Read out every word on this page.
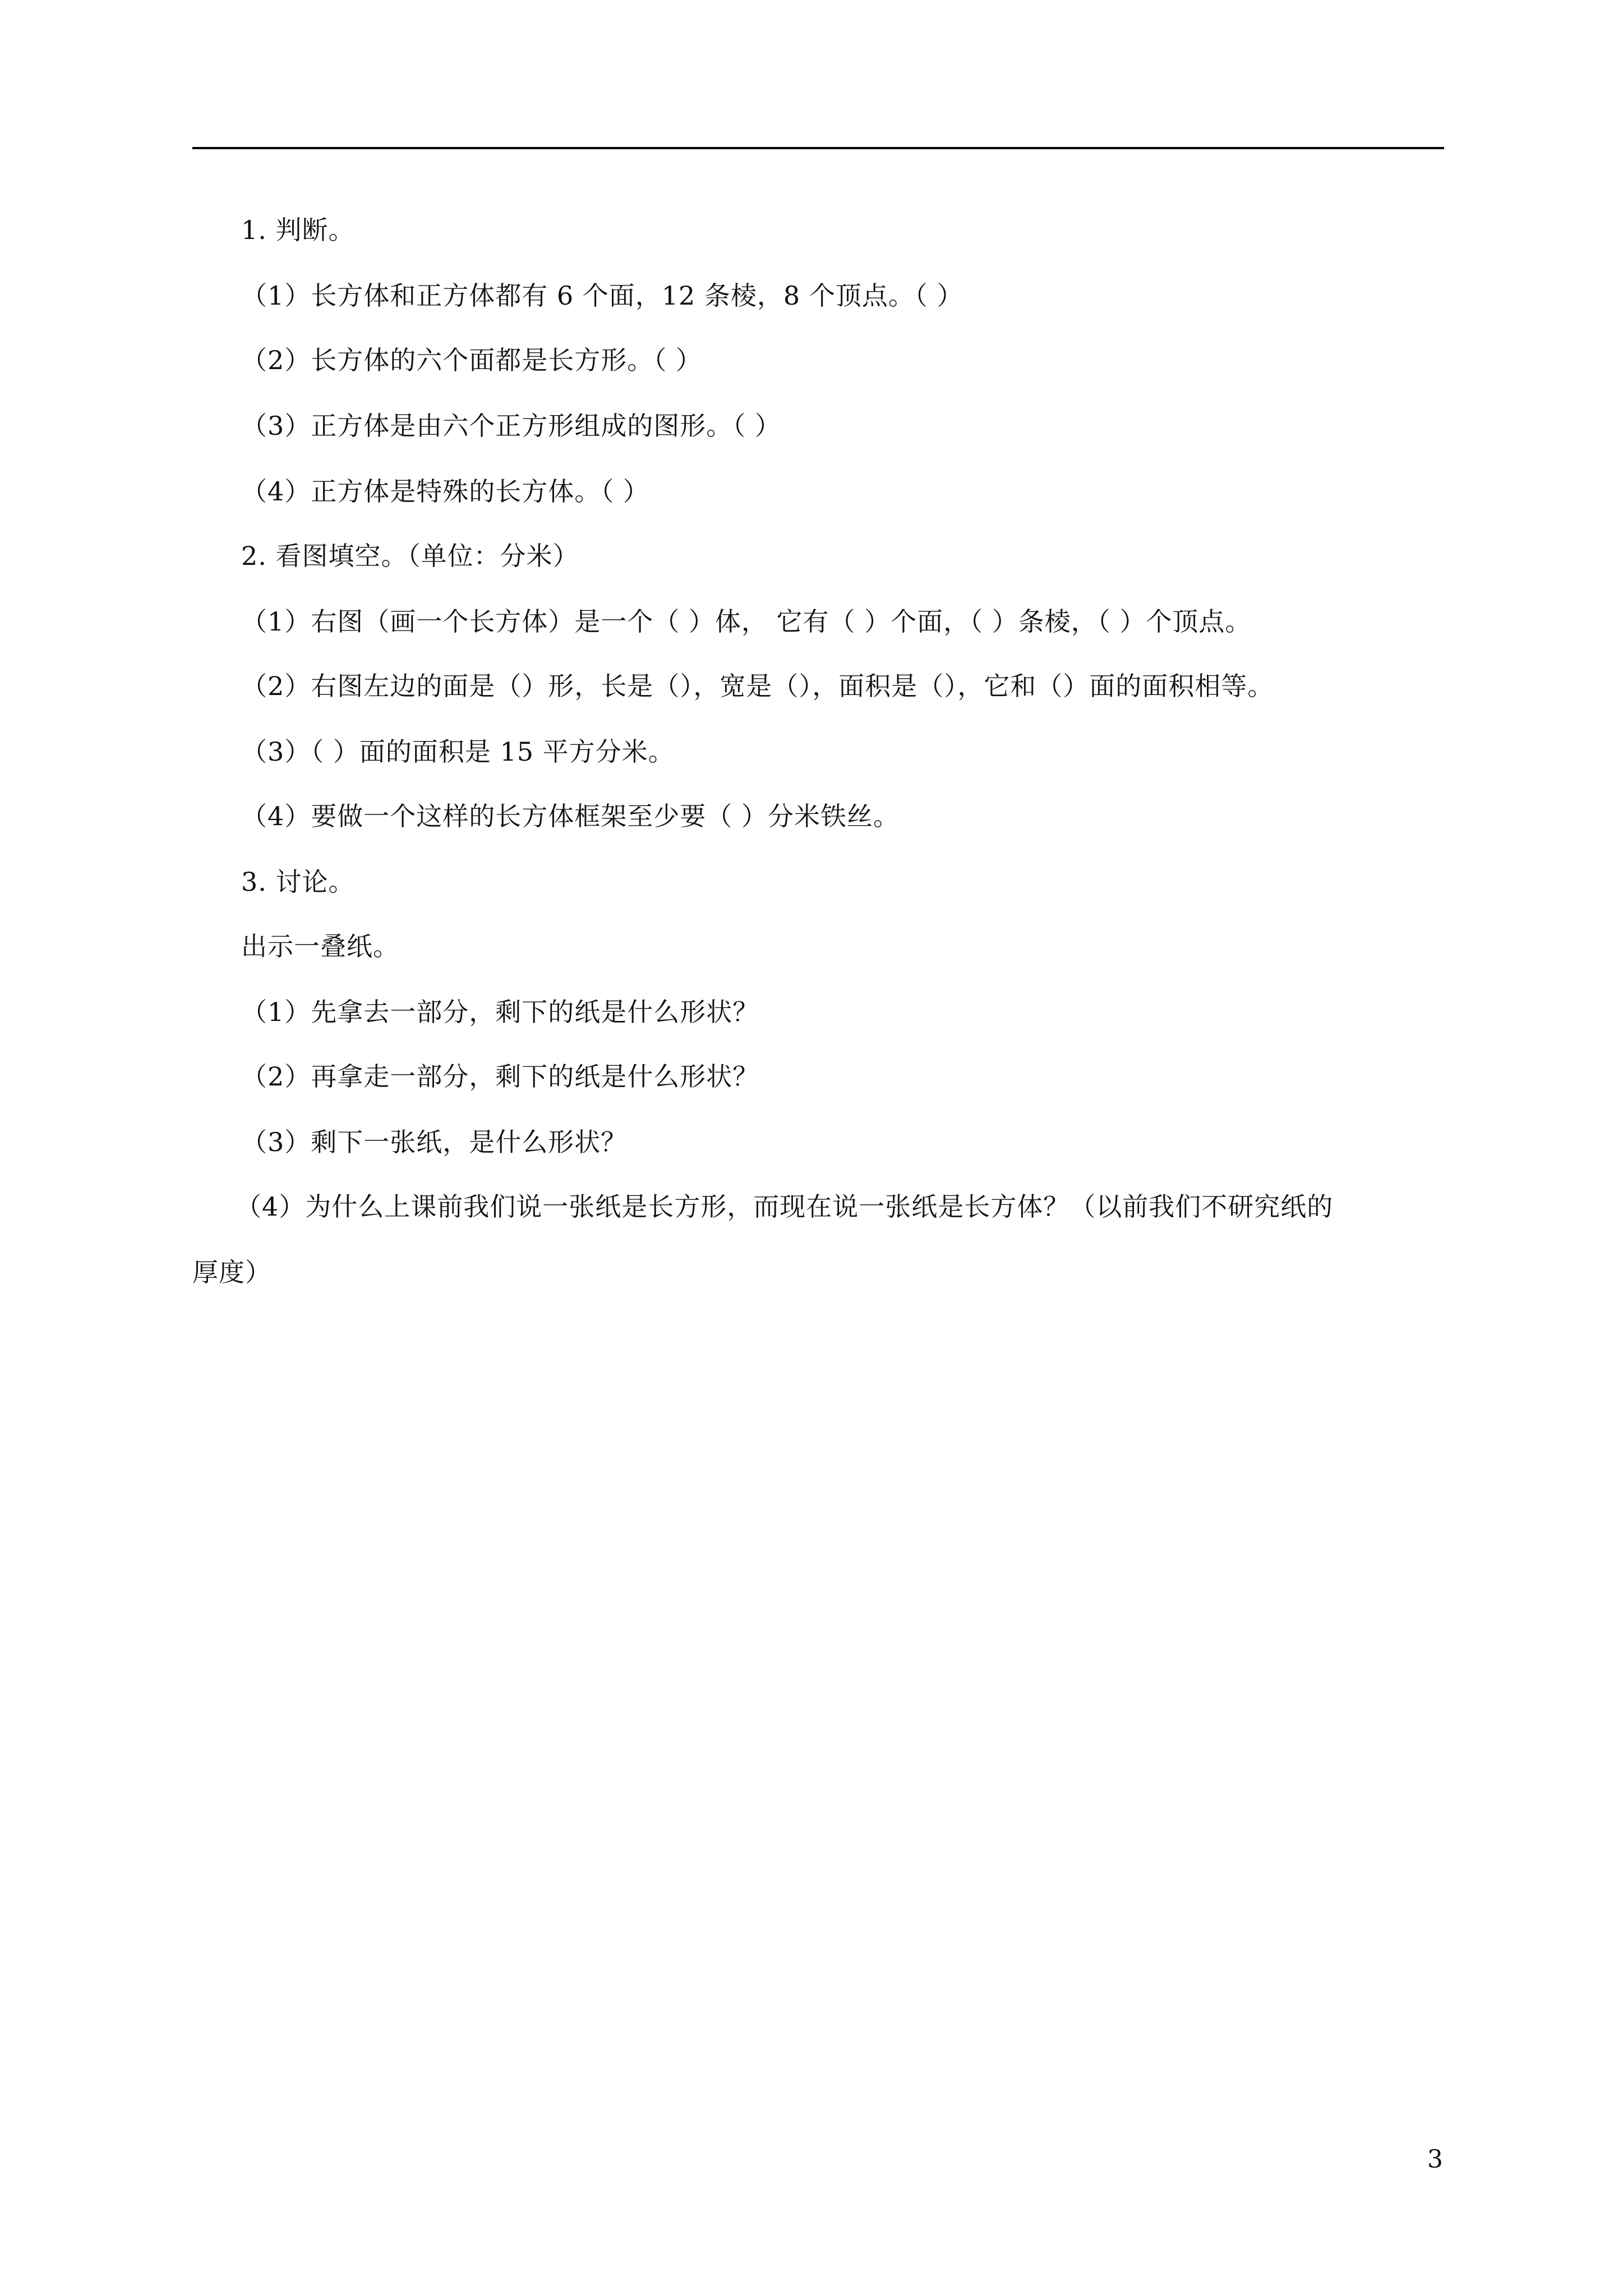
1. 判断。
（1）长方体和正方体都有 6 个面，12 条棱，8 个顶点。（ ）
（2）长方体的六个面都是长方形。（ ）
（3）正方体是由六个正方形组成的图形。（ ）
（4）正方体是特殊的长方体。（ ）
2. 看图填空。（单位：分米）
（1）右图（画一个长方体）是一个（ ）体， 它有（ ）个面，（ ）条棱，（ ）个顶点。
（2）右图左边的面是（）形，长是（），宽是（），面积是（），它和（）面的面积相等。
（3）（ ）面的面积是 15 平方分米。
（4）要做一个这样的长方体框架至少要（ ）分米铁丝。
3. 讨论。
出示一叠纸。
（1）先拿去一部分，剩下的纸是什么形状？
（2）再拿走一部分，剩下的纸是什么形状？
（3）剩下一张纸，是什么形状？
（4）为什么上课前我们说一张纸是长方形，而现在说一张纸是长方体？（以前我们不研究纸的
厚度）
3
